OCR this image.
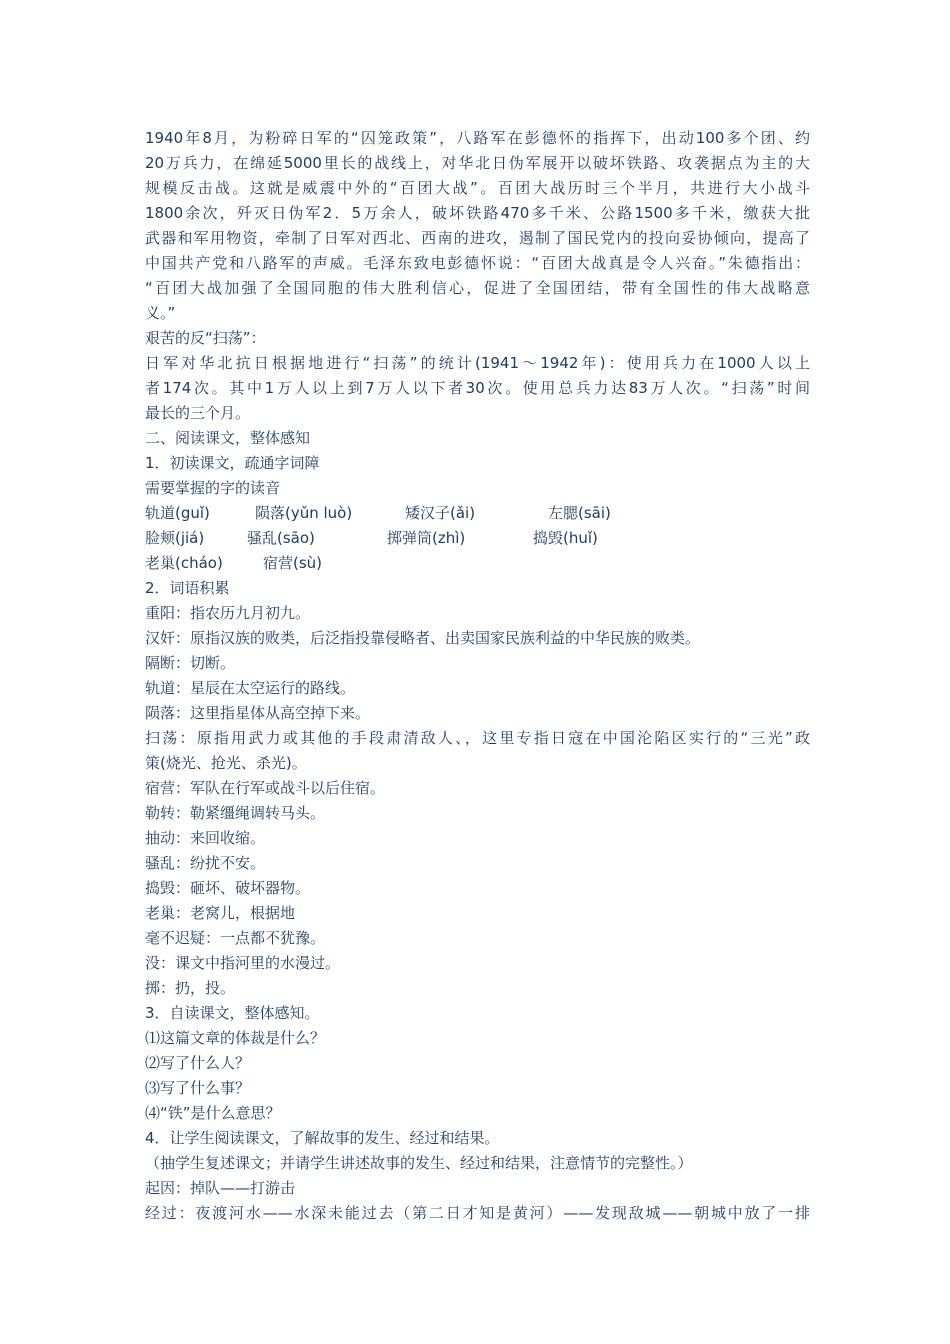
1940年8月，为粉碎日军的“囚笼政策”，八路军在彭德怀的指挥下，出动100多个团、约
20万兵力，在绵延5000里长的战线上，对华北日伪军展开以破坏铁路、攻袭据点为主的大
规模反击战。这就是威震中外的“百团大战”。百团大战历时三个半月，共进行大小战斗
1800余次，歼灭日伪军2．5万余人，破坏铁路470多千米、公路1500多千米，缴获大批
武器和军用物资，牵制了日军对西北、西南的进攻，遏制了国民党内的投向妥协倾向，提高了
中国共产党和八路军的声威。毛泽东致电彭德怀说：“百团大战真是令人兴奋。”朱德指出：
“百团大战加强了全国同胞的伟大胜利信心，促进了全国团结，带有全国性的伟大战略意
义。”
艰苦的反“扫荡”：
日军对华北抗日根据地进行“扫荡”的统计(1941～1942年)：使用兵力在1000人以上
者174次。其中1万人以上到7万人以下者30次。使用总兵力达83万人次。“扫荡”时间
最长的三个月。
二、阅读课文，整体感知
1．初读课文，疏通字词障
需要掌握的字的读音
轨道(guǐ)	陨落(yǔn luò)	矮汉子(ǎi)	左腮(sāi)
脸颊(jiá)	骚乱(sāo)	掷弹筒(zhì)	捣毁(huǐ)
老巢(cháo)	宿营(sù)
2．词语积累
重阳：指农历九月初九。
汉奸：原指汉族的败类，后泛指投靠侵略者、出卖国家民族利益的中华民族的败类。
隔断：切断。
轨道：星辰在太空运行的路线。
陨落：这里指星体从高空掉下来。
扫荡：原指用武力或其他的手段肃清敌人、，这里专指日寇在中国沦陷区实行的“三光”政
策(烧光、抢光、杀光)。
宿营：军队在行军或战斗以后住宿。
勒转：勒紧缰绳调转马头。
抽动：来回收缩。
骚乱：纷扰不安。
捣毁：砸坏、破坏器物。
老巢：老窝儿，根据地
毫不迟疑：一点都不犹豫。
没：课文中指河里的水漫过。
掷：扔，投。
3．自读课文，整体感知。
⑴这篇文章的体裁是什么？
⑵写了什么人？
⑶写了什么事？
⑷“铁”是什么意思？
4．让学生阅读课文，了解故事的发生、经过和结果。
（抽学生复述课文；并请学生讲述故事的发生、经过和结果，注意情节的完整性。）
起因：掉队——打游击
经过：夜渡河水——水深未能过去（第二日才知是黄河）——发现敌城——朝城中放了一排
